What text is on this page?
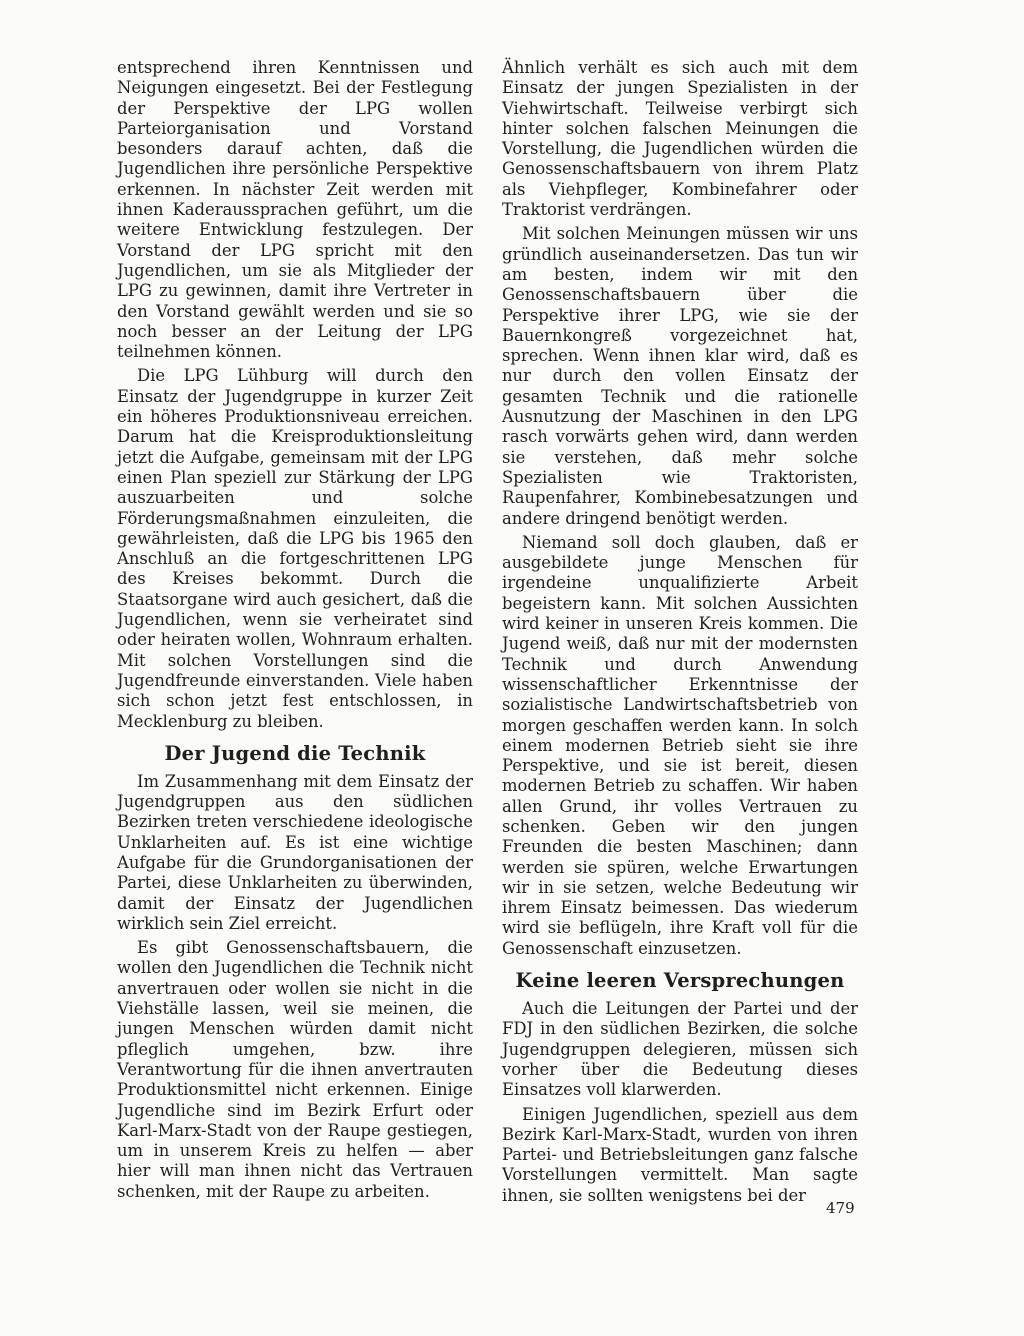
entsprechend ihren Kenntnissen und Neigungen eingesetzt. Bei der Festlegung der Perspektive der LPG wollen Parteiorganisation und Vorstand besonders darauf achten, daß die Jugendlichen ihre persönliche Perspektive erkennen. In nächster Zeit werden mit ihnen Kaderaussprachen geführt, um die weitere Entwicklung festzulegen. Der Vorstand der LPG spricht mit den Jugendlichen, um sie als Mitglieder der LPG zu gewinnen, damit ihre Vertreter in den Vorstand gewählt werden und sie so noch besser an der Leitung der LPG teilnehmen können.

Die LPG Lühburg will durch den Einsatz der Jugendgruppe in kurzer Zeit ein höheres Produktionsniveau erreichen. Darum hat die Kreisproduktionsleitung jetzt die Aufgabe, gemeinsam mit der LPG einen Plan speziell zur Stärkung der LPG auszuarbeiten und solche Förderungsmaßnahmen einzuleiten, die gewährleisten, daß die LPG bis 1965 den Anschluß an die fortgeschrittenen LPG des Kreises bekommt. Durch die Staatsorgane wird auch gesichert, daß die Jugendlichen, wenn sie verheiratet sind oder heiraten wollen, Wohnraum erhalten. Mit solchen Vorstellungen sind die Jugendfreunde einverstanden. Viele haben sich schon jetzt fest entschlossen, in Mecklenburg zu bleiben.

Der Jugend die Technik

Im Zusammenhang mit dem Einsatz der Jugendgruppen aus den südlichen Bezirken treten verschiedene ideologische Unklarheiten auf. Es ist eine wichtige Aufgabe für die Grundorganisationen der Partei, diese Unklarheiten zu überwinden, damit der Einsatz der Jugendlichen wirklich sein Ziel erreicht.

Es gibt Genossenschaftsbauern, die wollen den Jugendlichen die Technik nicht anvertrauen oder wollen sie nicht in die Viehställe lassen, weil sie meinen, die jungen Menschen würden damit nicht pfleglich umgehen, bzw. ihre Verantwortung für die ihnen anvertrauten Produktionsmittel nicht erkennen. Einige Jugendliche sind im Bezirk Erfurt oder Karl-Marx-Stadt von der Raupe gestiegen, um in unserem Kreis zu helfen — aber hier will man ihnen nicht das Vertrauen schenken, mit der Raupe zu arbeiten.

Ähnlich verhält es sich auch mit dem Einsatz der jungen Spezialisten in der Viehwirtschaft. Teilweise verbirgt sich hinter solchen falschen Meinungen die Vorstellung, die Jugendlichen würden die Genossenschaftsbauern von ihrem Platz als Viehpfleger, Kombinefahrer oder Traktorist verdrängen.

Mit solchen Meinungen müssen wir uns gründlich auseinandersetzen. Das tun wir am besten, indem wir mit den Genossenschaftsbauern über die Perspektive ihrer LPG, wie sie der Bauernkongreß vorgezeichnet hat, sprechen. Wenn ihnen klar wird, daß es nur durch den vollen Einsatz der gesamten Technik und die rationelle Ausnutzung der Maschinen in den LPG rasch vorwärts gehen wird, dann werden sie verstehen, daß mehr solche Spezialisten wie Traktoristen, Raupenfahrer, Kombinebesatzungen und andere dringend benötigt werden.

Niemand soll doch glauben, daß er ausgebildete junge Menschen für irgendeine unqualifizierte Arbeit begeistern kann. Mit solchen Aussichten wird keiner in unseren Kreis kommen. Die Jugend weiß, daß nur mit der modernsten Technik und durch Anwendung wissenschaftlicher Erkenntnisse der sozialistische Landwirtschaftsbetrieb von morgen geschaffen werden kann. In solch einem modernen Betrieb sieht sie ihre Perspektive, und sie ist bereit, diesen modernen Betrieb zu schaffen. Wir haben allen Grund, ihr volles Vertrauen zu schenken. Geben wir den jungen Freunden die besten Maschinen; dann werden sie spüren, welche Erwartungen wir in sie setzen, welche Bedeutung wir ihrem Einsatz beimessen. Das wiederum wird sie beflügeln, ihre Kraft voll für die Genossenschaft einzusetzen.

Keine leeren Versprechungen

Auch die Leitungen der Partei und der FDJ in den südlichen Bezirken, die solche Jugendgruppen delegieren, müssen sich vorher über die Bedeutung dieses Einsatzes voll klarwerden.

Einigen Jugendlichen, speziell aus dem Bezirk Karl-Marx-Stadt, wurden von ihren Partei- und Betriebsleitungen ganz falsche Vorstellungen vermittelt. Man sagte ihnen, sie sollten wenigstens bei der

479
